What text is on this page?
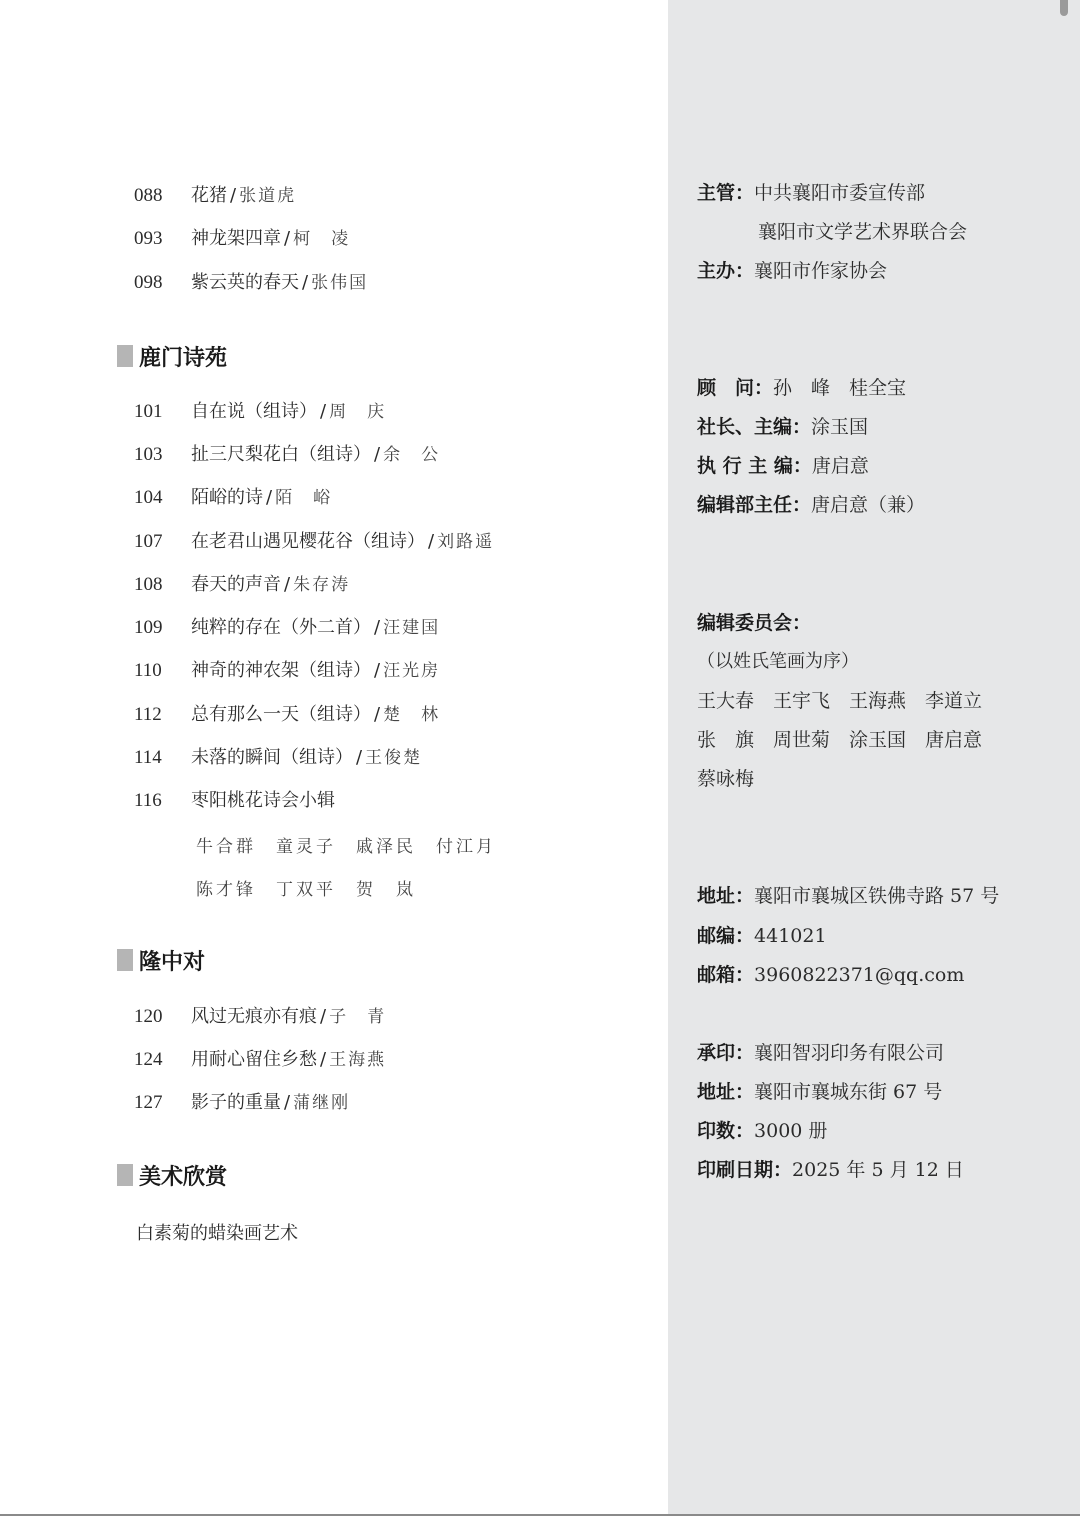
088 花猪 / 张道虎
093 神龙架四章 / 柯　凌
098 紫云英的春天 / 张伟国
鹿门诗苑
101 自在说（组诗） / 周　庆
103 扯三尺梨花白（组诗） / 余　公
104 陌峪的诗 / 陌　峪
107 在老君山遇见樱花谷（组诗） / 刘路遥
108 春天的声音 / 朱存涛
109 纯粹的存在（外二首） / 汪建国
110 神奇的神农架（组诗） / 汪光房
112 总有那么一天（组诗） / 楚　林
114 未落的瞬间（组诗） / 王俊楚
116 枣阳桃花诗会小辑
牛合群　童灵子　戚泽民　付江月
陈才锋　丁双平　贺　岚
隆中对
120 风过无痕亦有痕 / 子　青
124 用耐心留住乡愁 / 王海燕
127 影子的重量 / 蒲继刚
美术欣赏
白素菊的蜡染画艺术
主管：中共襄阳市委宣传部
襄阳市文学艺术界联合会
主办：襄阳市作家协会
顾　问：孙　峰　桂全宝
社长、主编：涂玉国
执 行 主 编：唐启意
编辑部主任：唐启意（兼）
编辑委员会：
（以姓氏笔画为序）
王大春　王宇飞　王海燕　李道立
张　旗　周世菊　涂玉国　唐启意
蔡咏梅
地址：襄阳市襄城区铁佛寺路 57 号
邮编：441021
邮箱：3960822371@qq.com
承印：襄阳智羽印务有限公司
地址：襄阳市襄城东街 67 号
印数：3000 册
印刷日期：2025 年 5 月 12 日
